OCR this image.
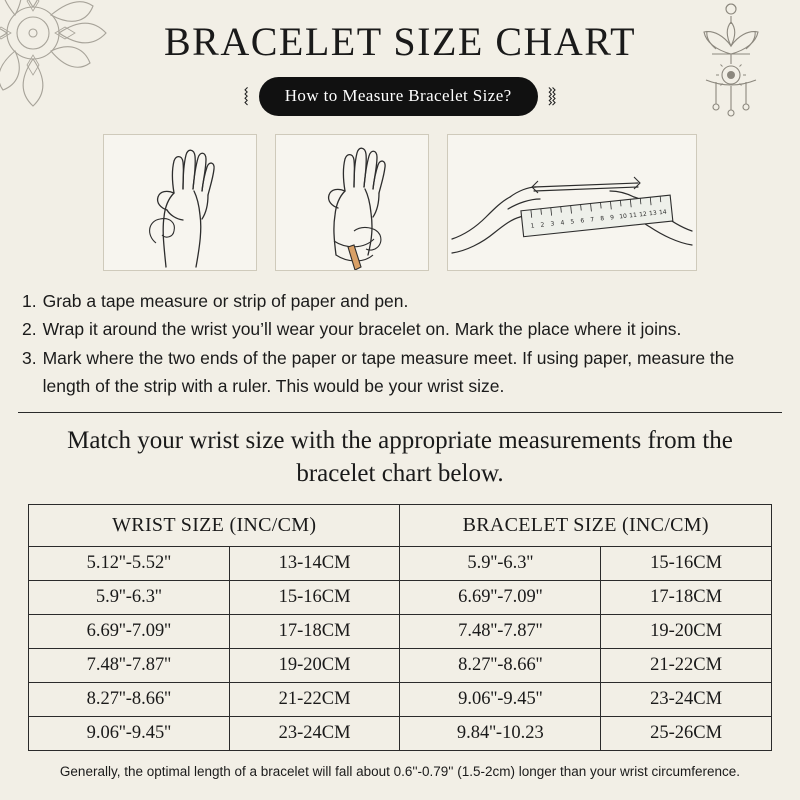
BRACELET SIZE CHART
⧙	How to Measure Bracelet Size?	⧚
1 2 3 4 5 6 7 8 9 10 11 12 13 14
1. Grab a tape measure or strip of paper and pen.
2. Wrap it around the wrist you’ll wear your bracelet on. Mark the place where it joins.
3. Mark where the two ends of the paper or tape measure meet. If using paper, measure the length of the strip with a ruler. This would be your wrist size.
Match your wrist size with the appropriate measurements from the bracelet chart below.
WRIST SIZE (INC/CM)		BRACELET SIZE (INC/CM)	
5.12''-5.52''	13-14CM	5.9''-6.3''	15-16CM
5.9''-6.3''	15-16CM	6.69''-7.09''	17-18CM
6.69''-7.09''	17-18CM	7.48''-7.87''	19-20CM
7.48''-7.87''	19-20CM	8.27''-8.66''	21-22CM
8.27''-8.66''	21-22CM	9.06''-9.45''	23-24CM
9.06''-9.45''	23-24CM	9.84''-10.23	25-26CM
Generally, the optimal length of a bracelet will fall about 0.6''-0.79'' (1.5-2cm) longer than your wrist circumference.
